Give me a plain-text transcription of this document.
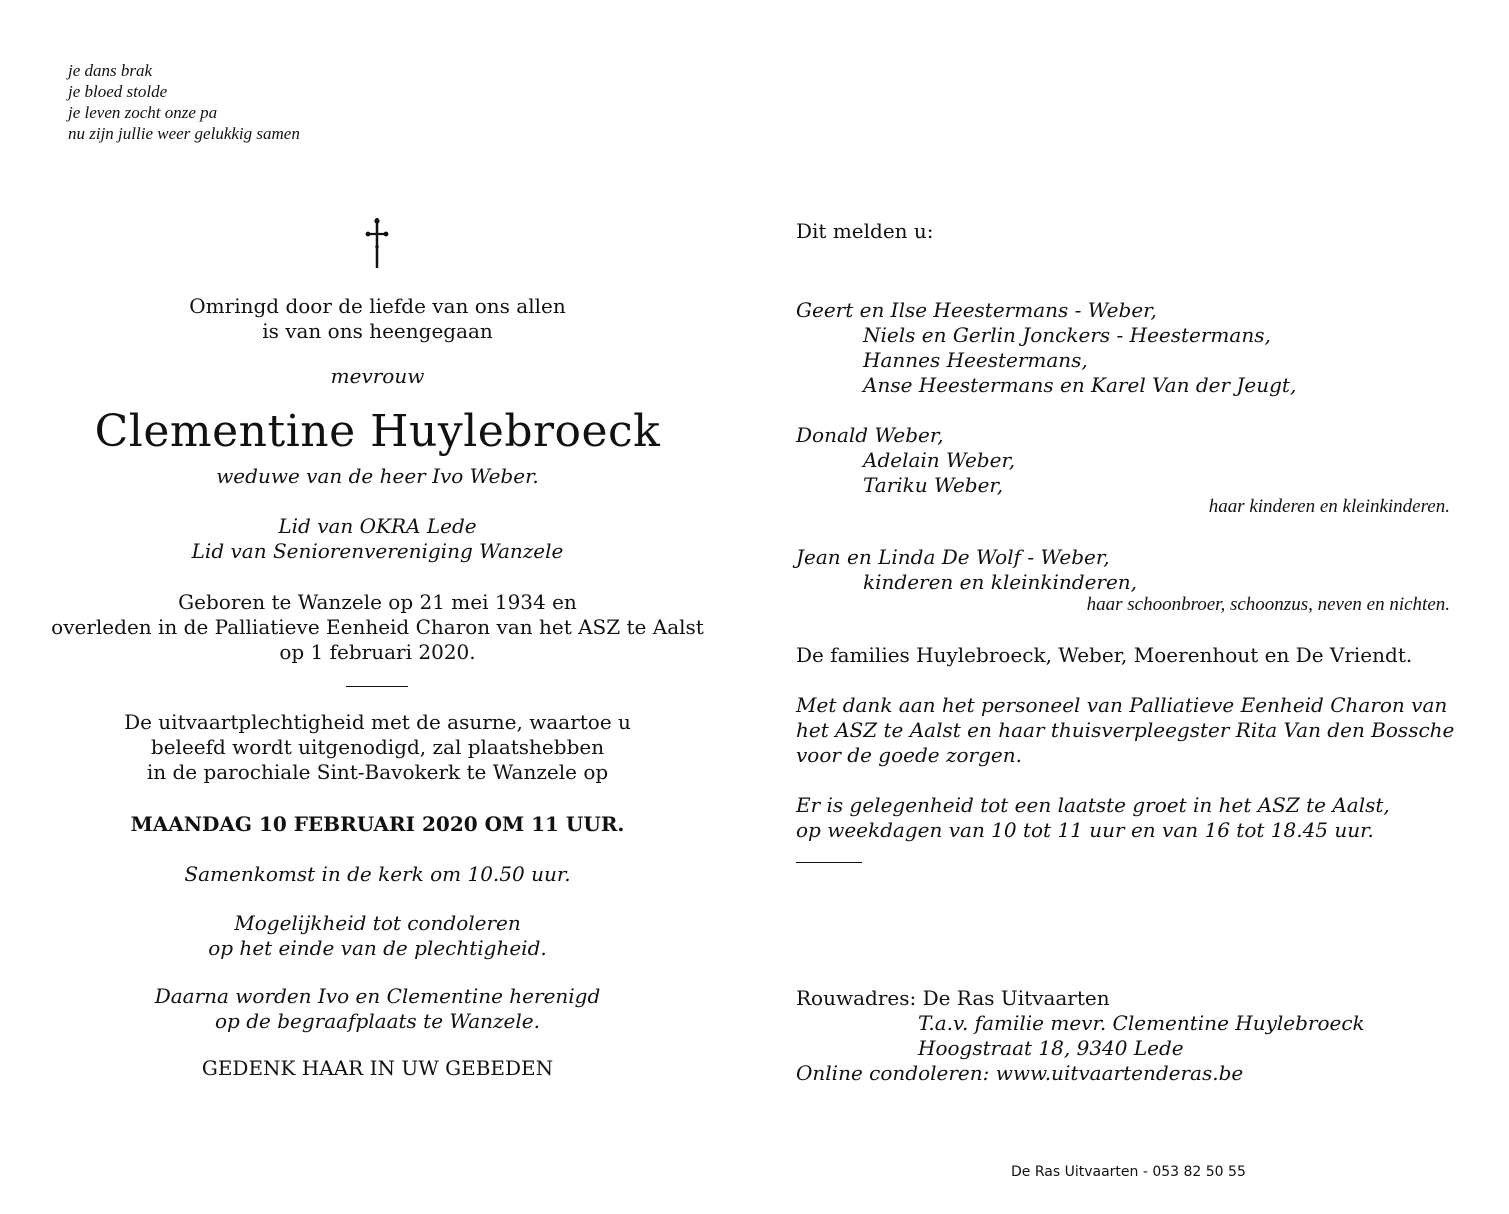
je dans brak
je bloed stolde
je leven zocht onze pa
nu zijn jullie weer gelukkig samen
Omringd door de liefde van ons allen
is van ons heengegaan
mevrouw
Clementine Huylebroeck
weduwe van de heer Ivo Weber.
Lid van OKRA Lede
Lid van Seniorenvereniging Wanzele
Geboren te Wanzele op 21 mei 1934 en
overleden in de Palliatieve Eenheid Charon van het ASZ te Aalst
op 1 februari 2020.
De uitvaartplechtigheid met de asurne, waartoe u
beleefd wordt uitgenodigd, zal plaatshebben
in de parochiale Sint-Bavokerk te Wanzele op
MAANDAG 10 FEBRUARI 2020 OM 11 UUR.
Samenkomst in de kerk om 10.50 uur.
Mogelijkheid tot condoleren
op het einde van de plechtigheid.
Daarna worden Ivo en Clementine herenigd
op de begraafplaats te Wanzele.
GEDENK HAAR IN UW GEBEDEN
Dit melden u:
Geert en Ilse Heestermans - Weber,
Niels en Gerlin Jonckers - Heestermans,
Hannes Heestermans,
Anse Heestermans en Karel Van der Jeugt,
Donald Weber,
Adelain Weber,
Tariku Weber,
haar kinderen en kleinkinderen.
Jean en Linda De Wolf - Weber,
kinderen en kleinkinderen,
haar schoonbroer, schoonzus, neven en nichten.
De families Huylebroeck, Weber, Moerenhout en De Vriendt.
Met dank aan het personeel van Palliatieve Eenheid Charon van
het ASZ te Aalst en haar thuisverpleegster Rita Van den Bossche
voor de goede zorgen.
Er is gelegenheid tot een laatste groet in het ASZ te Aalst,
op weekdagen van 10 tot 11 uur en van 16 tot 18.45 uur.
Rouwadres: De Ras Uitvaarten
T.a.v. familie mevr. Clementine Huylebroeck
Hoogstraat 18, 9340 Lede
Online condoleren: www.uitvaartenderas.be
De Ras Uitvaarten - 053 82 50 55
